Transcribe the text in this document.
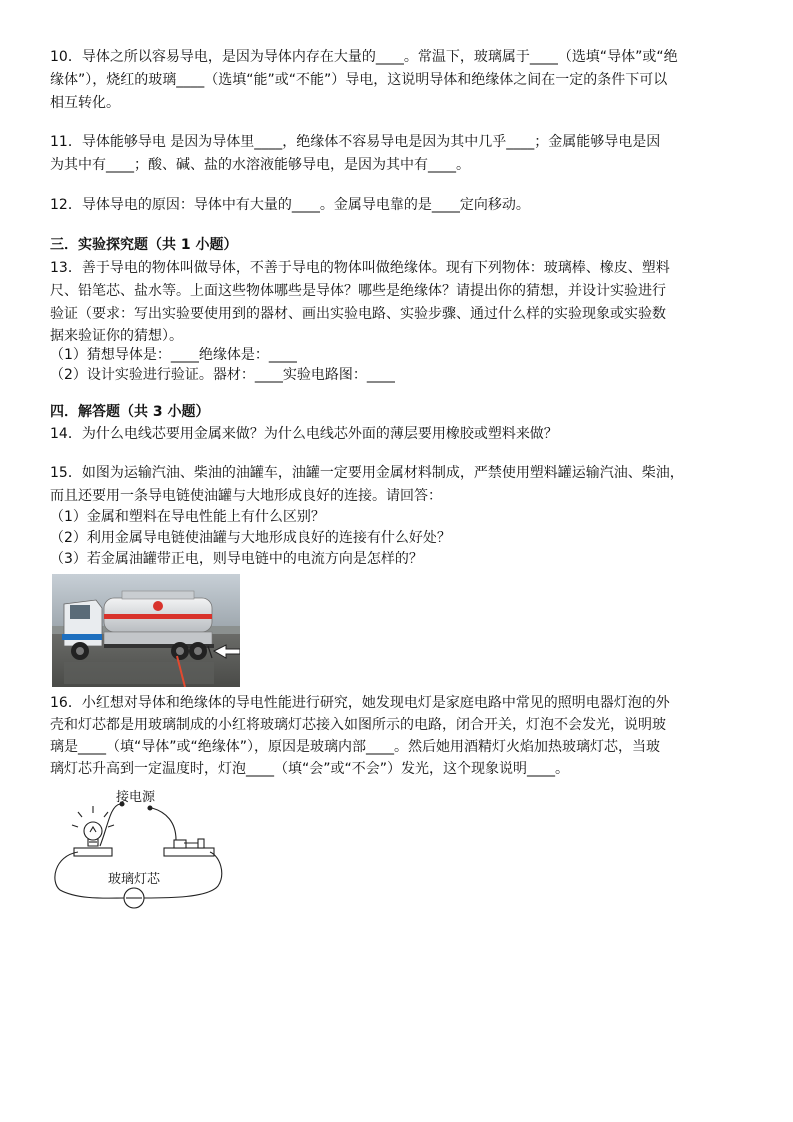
10．导体之所以容易导电，是因为导体内存在大量的____。常温下，玻璃属于____（选填“导体”或“绝
缘体”），烧红的玻璃____（选填“能”或“不能”）导电，这说明导体和绝缘体之间在一定的条件下可以
相互转化。
11．导体能够导电 是因为导体里____，绝缘体不容易导电是因为其中几乎____；金属能够导电是因
为其中有____；酸、碱、盐的水溶液能够导电，是因为其中有____。
12．导体导电的原因：导体中有大量的____。金属导电靠的是____定向移动。
三．实验探究题（共 1 小题）
13．善于导电的物体叫做导体，不善于导电的物体叫做绝缘体。现有下列物体：玻璃棒、橡皮、塑料
尺、铅笔芯、盐水等。上面这些物体哪些是导体？哪些是绝缘体？请提出你的猜想，并设计实验进行
验证（要求：写出实验要使用到的器材、画出实验电路、实验步骤、通过什么样的实验现象或实验数
据来验证你的猜想）。
（1）猜想导体是：____绝缘体是：____
（2）设计实验进行验证。器材：____实验电路图：____
四．解答题（共 3 小题）
14．为什么电线芯要用金属来做？为什么电线芯外面的薄层要用橡胶或塑料来做？
15．如图为运输汽油、柴油的油罐车，油罐一定要用金属材料制成，严禁使用塑料罐运输汽油、柴油，
而且还要用一条导电链使油罐与大地形成良好的连接。请回答：
（1）金属和塑料在导电性能上有什么区别？
（2）利用金属导电链使油罐与大地形成良好的连接有什么好处？
（3）若金属油罐带正电，则导电链中的电流方向是怎样的？
16．小红想对导体和绝缘体的导电性能进行研究，她发现电灯是家庭电路中常见的照明电器灯泡的外
壳和灯芯都是用玻璃制成的小红将玻璃灯芯接入如图所示的电路，闭合开关，灯泡不会发光，说明玻
璃是____（填“导体”或“绝缘体”），原因是玻璃内部____。然后她用酒精灯火焰加热玻璃灯芯，当玻
璃灯芯升高到一定温度时，灯泡____（填“会”或“不会”）发光，这个现象说明____。
接电源
玻璃灯芯
